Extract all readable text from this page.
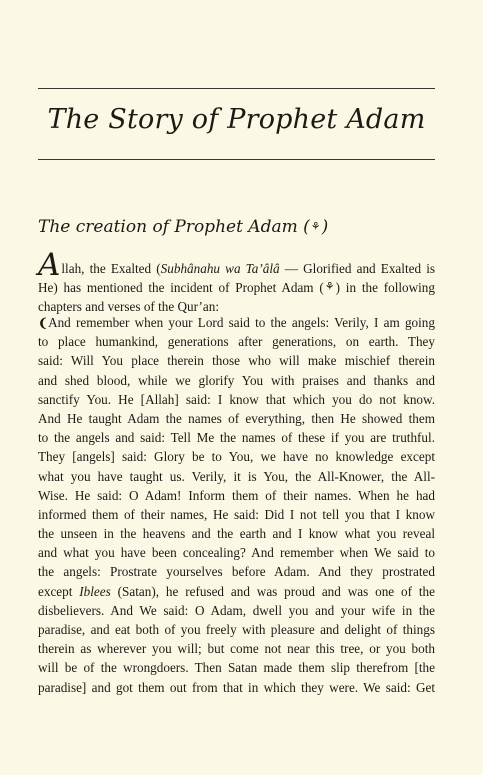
The Story of Prophet Adam
The creation of Prophet Adam (⚘)
Allah, the Exalted (Subhânahu wa Ta’âlâ — Glorified and Exalted is He) has mentioned the incident of Prophet Adam (⚘) in the following chapters and verses of the Qur’an:
❨And remember when your Lord said to the angels: Verily, I am going
to place humankind, generations after generations, on earth. They
said: Will You place therein those who will make mischief therein
and shed blood, while we glorify You with praises and thanks and
sanctify You. He [Allah] said: I know that which you do not know.
And He taught Adam the names of everything, then He showed them
to the angels and said: Tell Me the names of these if you are truthful.
They [angels] said: Glory be to You, we have no knowledge except
what you have taught us. Verily, it is You, the All-Knower, the All-
Wise. He said: O Adam! Inform them of their names. When he had
informed them of their names, He said: Did I not tell you that I know
the unseen in the heavens and the earth and I know what you reveal
and what you have been concealing? And remember when We said to
the angels: Prostrate yourselves before Adam. And they prostrated
except Iblees (Satan), he refused and was proud and was one of the
disbelievers. And We said: O Adam, dwell you and your wife in the
paradise, and eat both of you freely with pleasure and delight of things
therein as wherever you will; but come not near this tree, or you both
will be of the wrongdoers. Then Satan made them slip therefrom [the
paradise] and got them out from that in which they were. We said: Get
